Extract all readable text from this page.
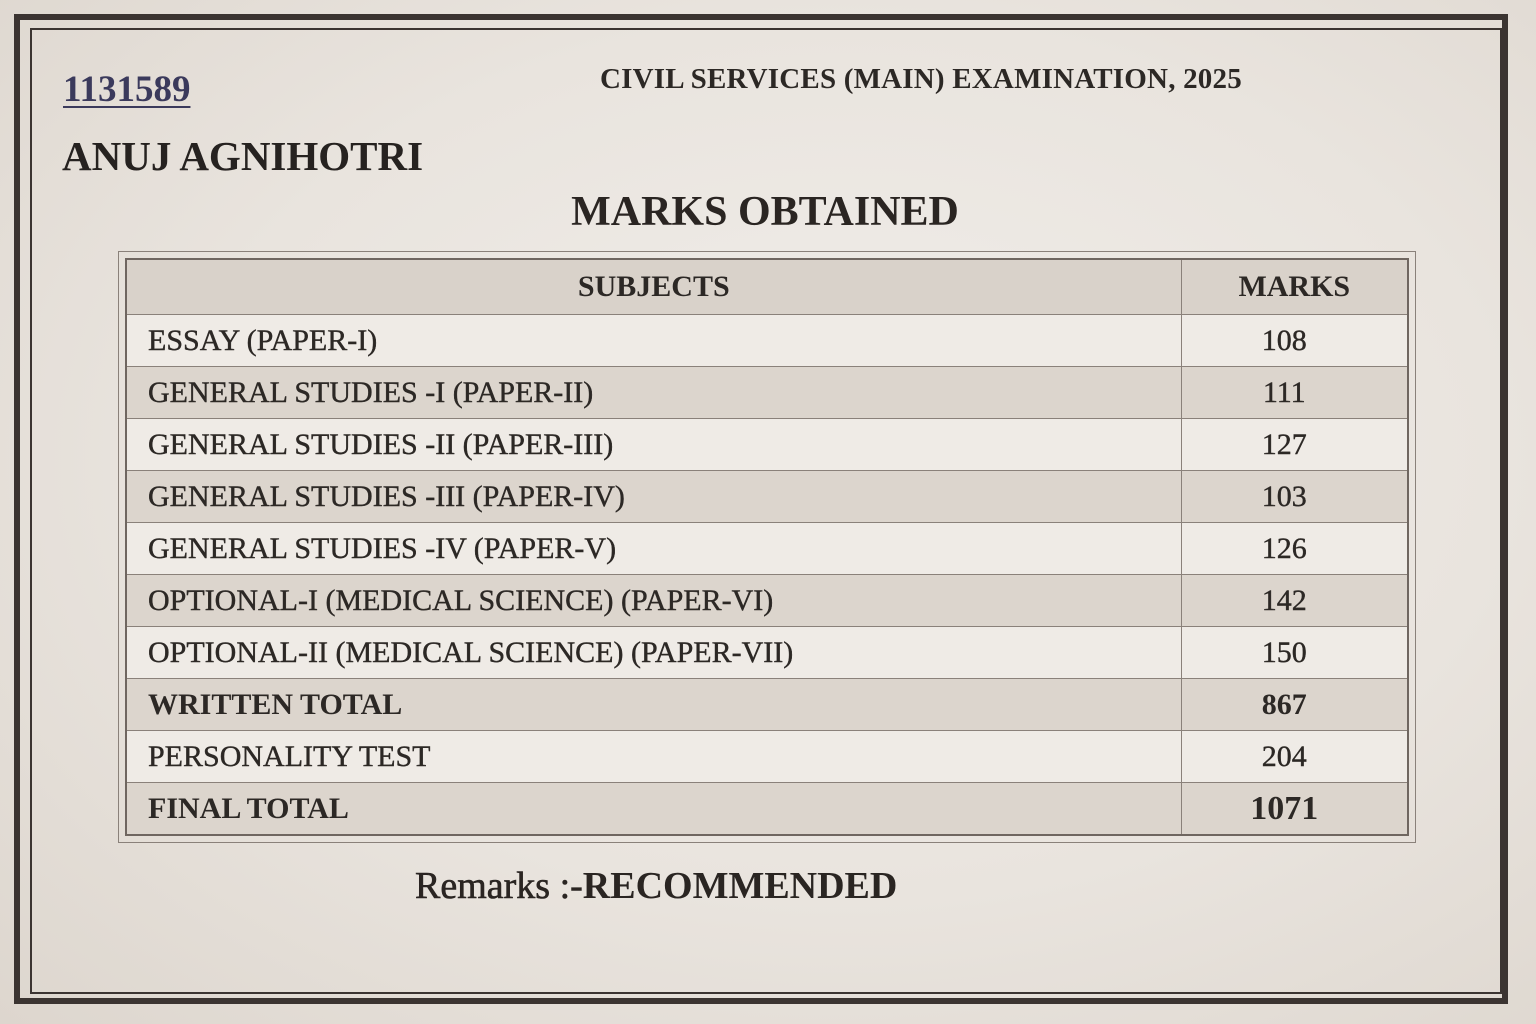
1131589	CIVIL SERVICES (MAIN) EXAMINATION, 2025
ANUJ AGNIHOTRI
MARKS OBTAINED
SUBJECTS	MARKS
ESSAY (PAPER-I)	108
GENERAL STUDIES -I (PAPER-II)	111
GENERAL STUDIES -II (PAPER-III)	127
GENERAL STUDIES -III (PAPER-IV)	103
GENERAL STUDIES -IV (PAPER-V)	126
OPTIONAL-I (MEDICAL SCIENCE) (PAPER-VI)	142
OPTIONAL-II (MEDICAL SCIENCE) (PAPER-VII)	150
WRITTEN TOTAL	867
PERSONALITY TEST	204
FINAL TOTAL	1071
Remarks :-RECOMMENDED
